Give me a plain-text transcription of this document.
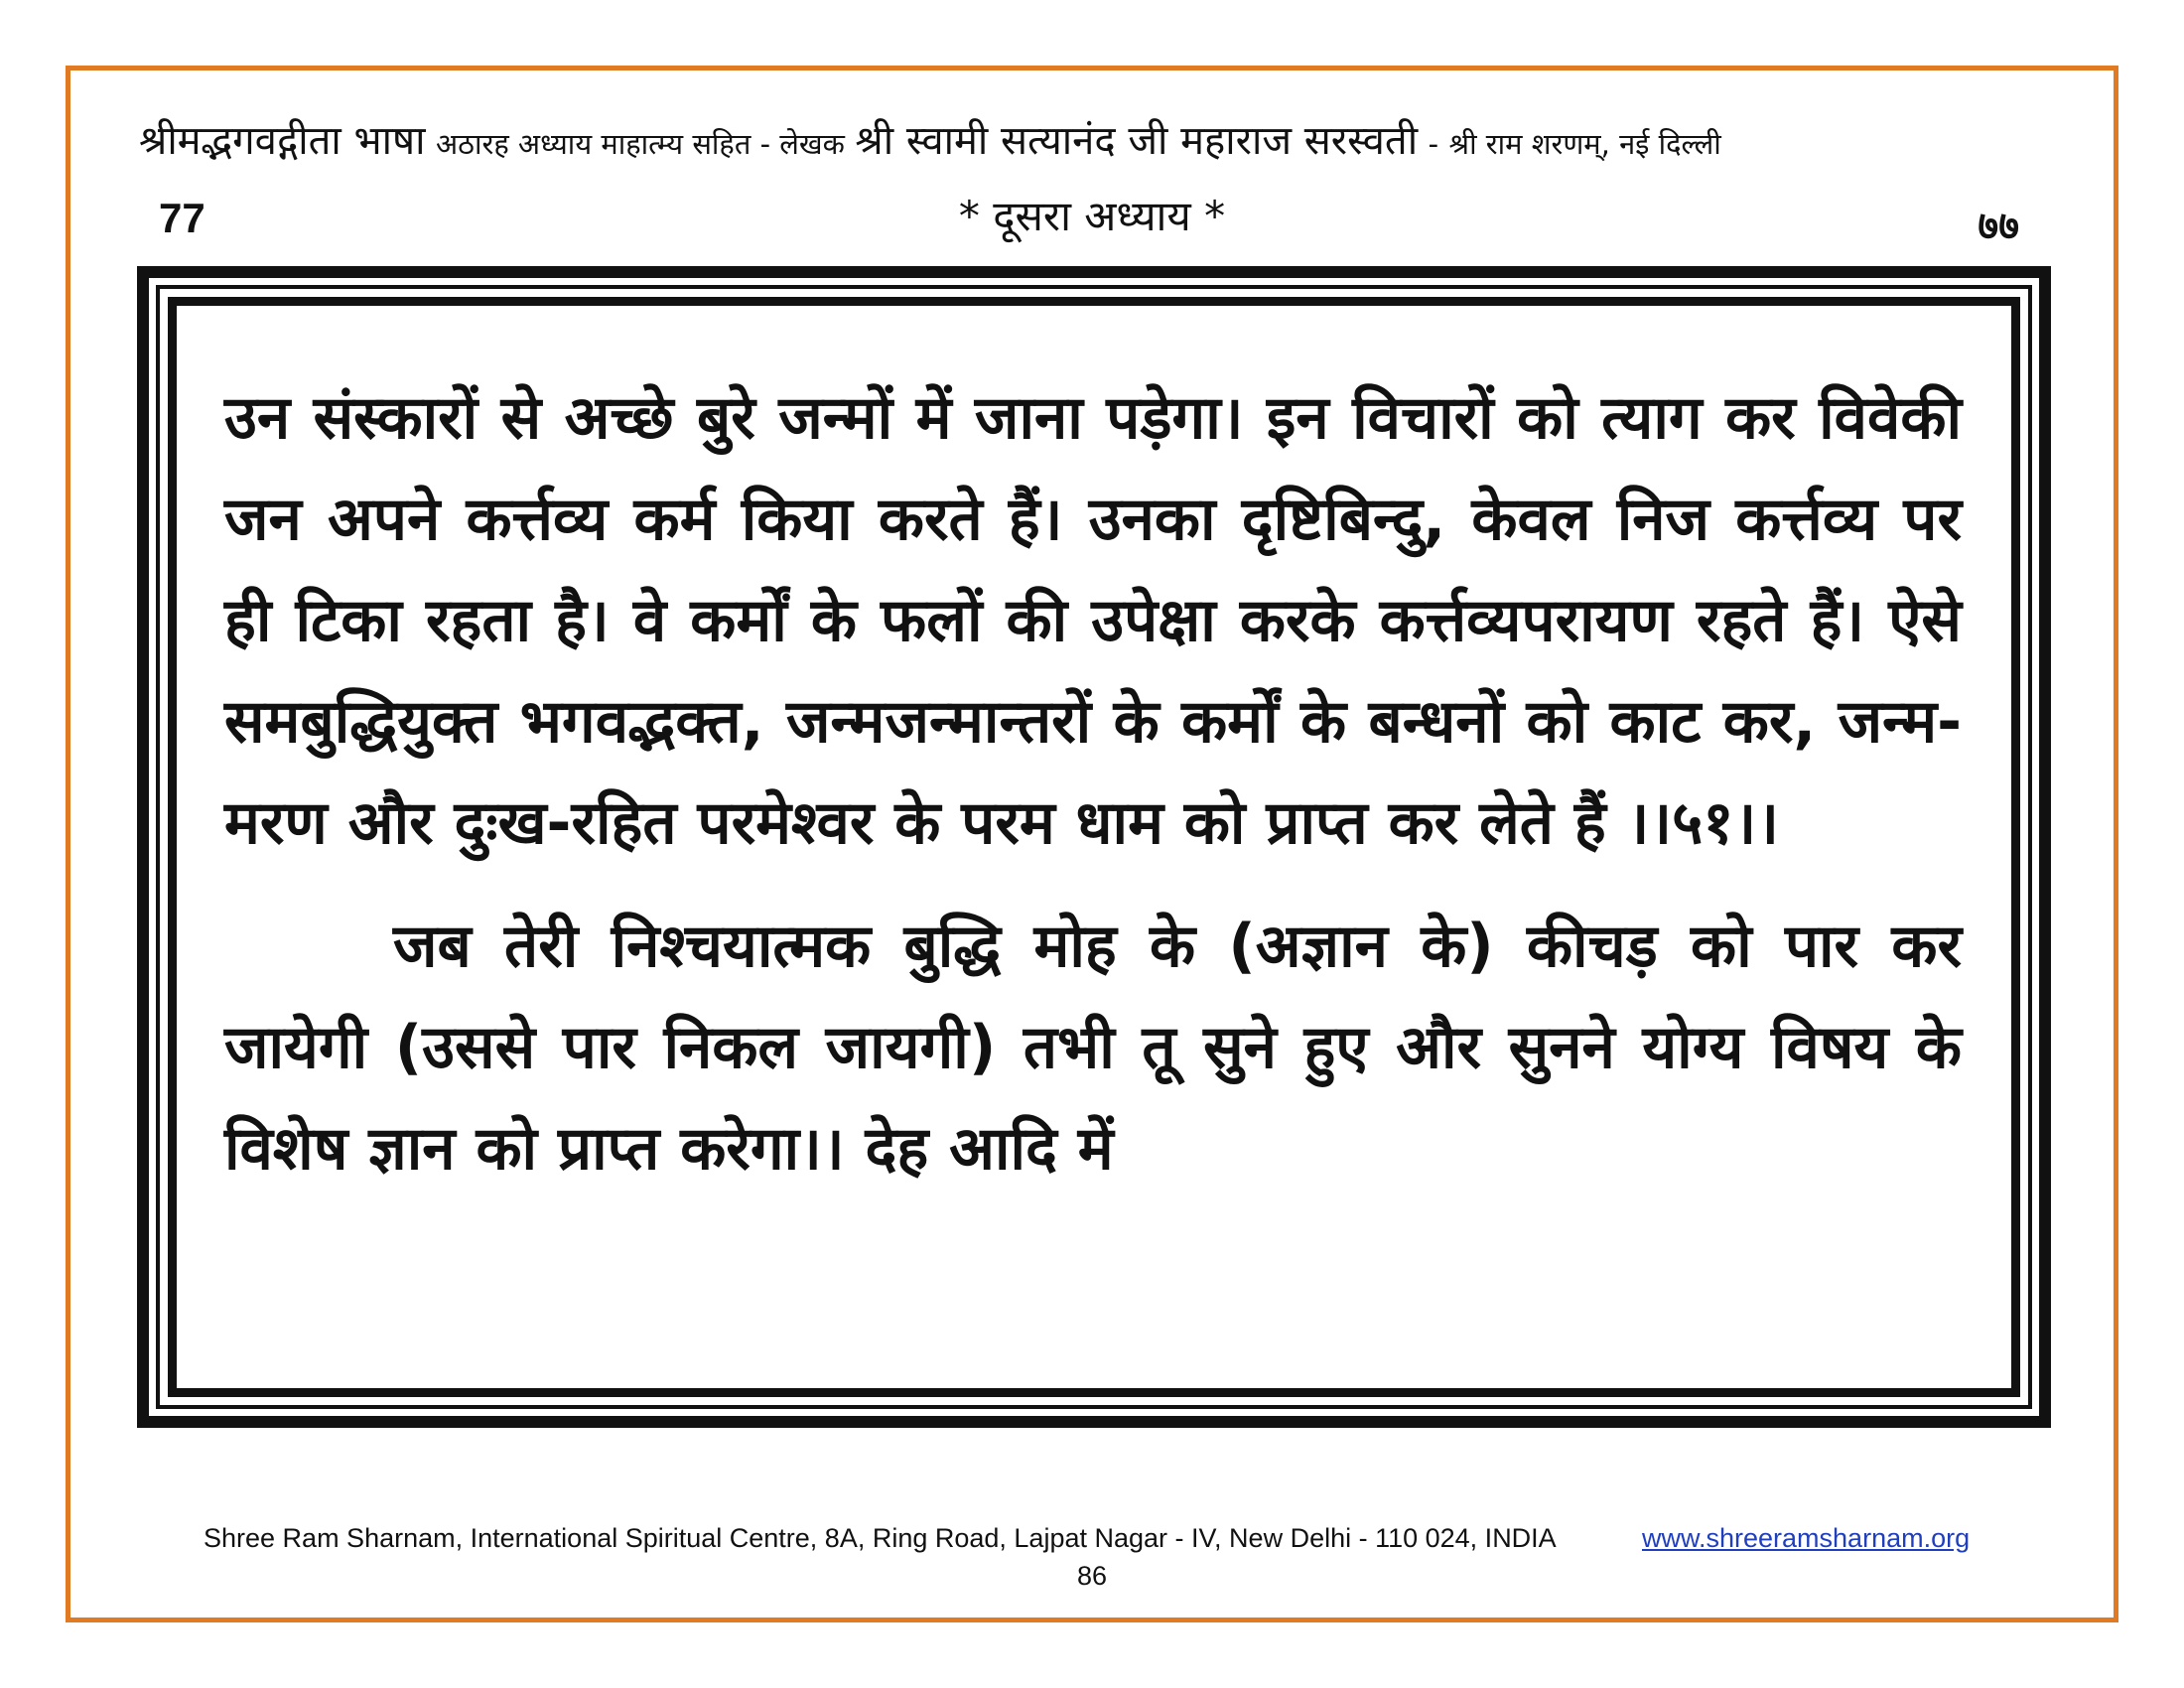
श्रीमद्भगवद्गीता भाषा अठारह अध्याय माहात्म्य सहित - लेखक श्री स्वामी सत्यानंद जी महाराज सरस्वती - श्री राम शरणम्, नई दिल्ली
77	* दूसरा अध्याय *	७७

उन संस्कारों से अच्छे बुरे जन्मों में जाना पड़ेगा। इन विचारों को त्याग कर विवेकी जन अपने कर्त्तव्य कर्म किया करते हैं। उनका दृष्टिबिन्दु, केवल निज कर्त्तव्य पर ही टिका रहता है। वे कर्मों के फलों की उपेक्षा करके कर्त्तव्यपरायण रहते हैं। ऐसे समबुद्धियुक्त भगवद्भक्त, जन्मजन्मान्तरों के कर्मों के बन्धनों को काट कर, जन्म-मरण और दुःख-रहित परमेश्वर के परम धाम को प्राप्त कर लेते हैं ।।५१।।

जब तेरी निश्चयात्मक बुद्धि मोह के (अज्ञान के) कीचड़ को पार कर जायेगी (उससे पार निकल जायगी) तभी तू सुने हुए और सुनने योग्य विषय के विशेष ज्ञान को प्राप्त करेगा।। देह आदि में

Shree Ram Sharnam, International Spiritual Centre, 8A, Ring Road, Lajpat Nagar - IV, New Delhi - 110 024, INDIA	www.shreeramsharnam.org
86
